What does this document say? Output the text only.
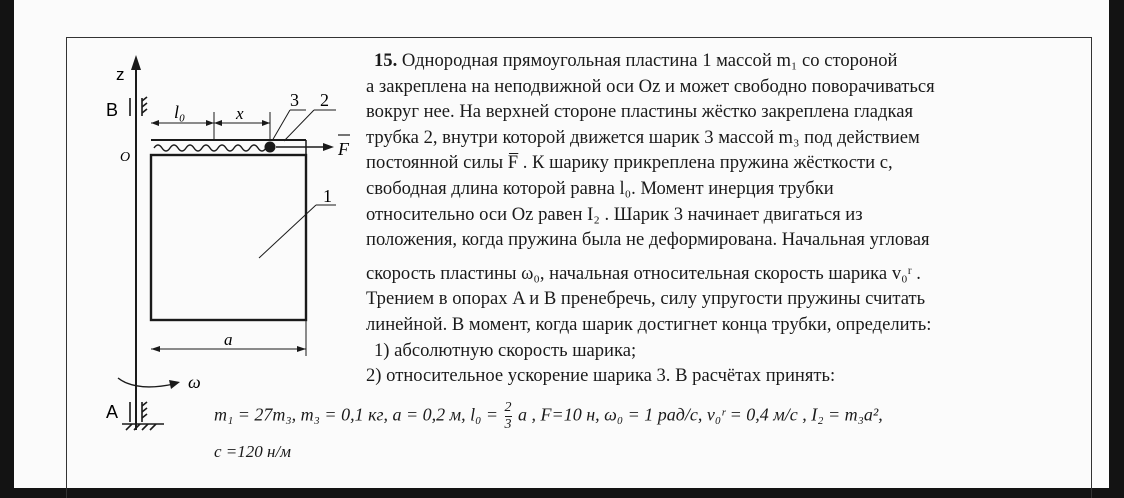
z
B
F
O
l₀	x
3 2
1
a
ω
A

15. Однородная прямоугольная пластина 1 массой m₁ со стороной

a закреплена на неподвижной оси Oz и может свободно поворачиваться

вокруг нее. На верхней стороне пластины жёстко закреплена гладкая

трубка 2, внутри которой движется шарик 3 массой m₃ под действием

постоянной силы F̅ . К шарику прикреплена пружина жёсткости c,

свободная длина которой равна l₀. Момент инерция трубки

относительно оси Oz равен I₂ . Шарик 3 начинает двигаться из

положения, когда пружина была не деформирована. Начальная угловая

скорость пластины ω₀, начальная относительная скорость шарика v₀ʳ .

Трением в опорах A и B пренебречь, силу упругости пружины считать

линейной. В момент, когда шарик достигнет конца трубки, определить:

1) абсолютную скорость шарика;

2) относительное ускорение шарика 3. В расчётах принять:

m₁ = 27m₃, m₃ = 0,1 кг, a = 0,2 м, $l_0 = \frac{2}{3}$ a , F=10 н, ω₀ = 1 рад/с, v₀ʳ = 0,4 м/с , I₂ = m₃a²,
c =120 н/м
